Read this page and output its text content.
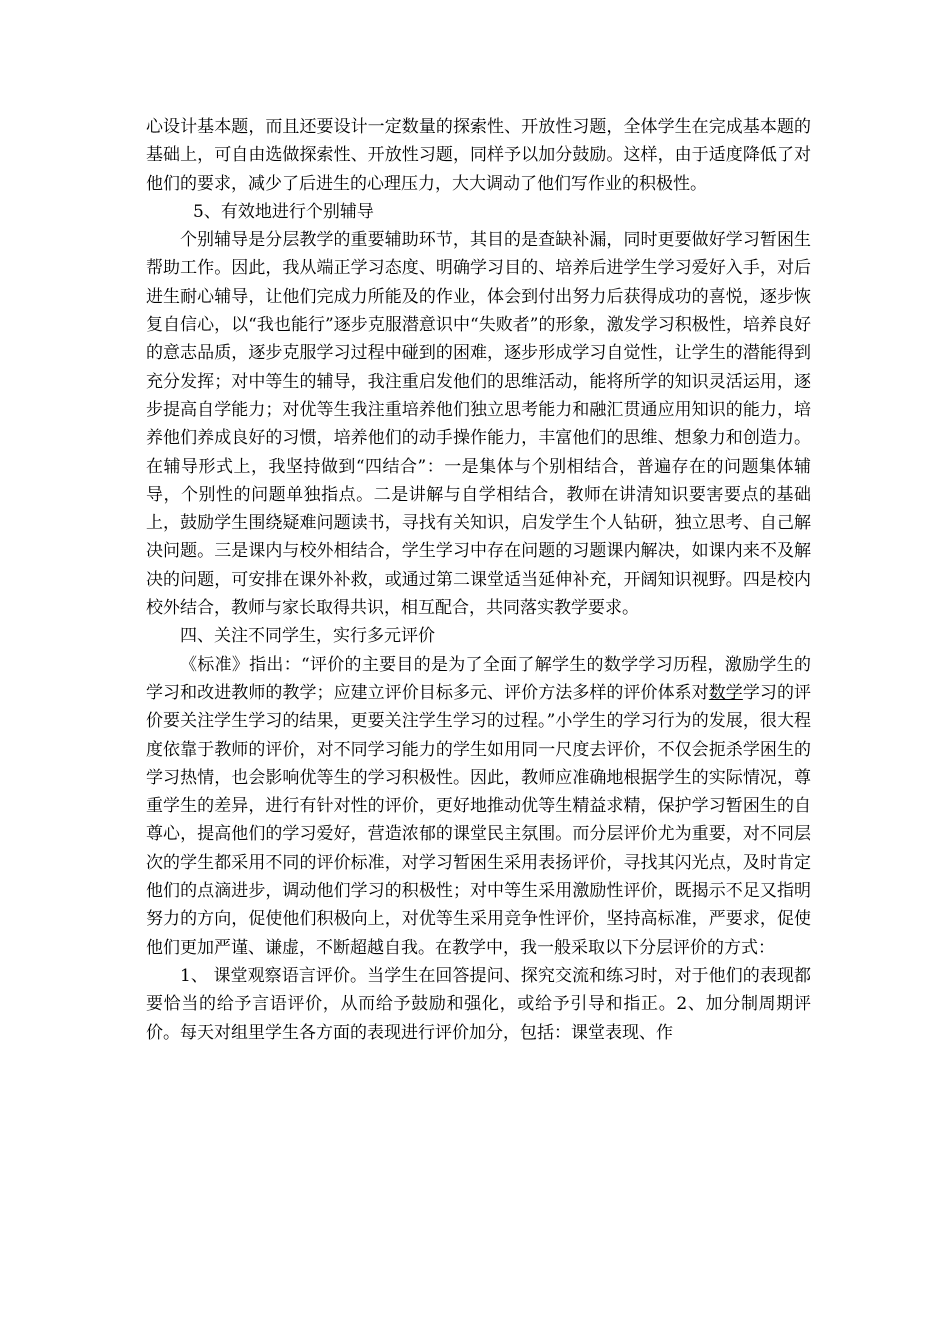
心设计基本题，而且还要设计一定数量的探索性、开放性习题，全体学生在完成基本题的基础上，可自由选做探索性、开放性习题，同样予以加分鼓励。这样，由于适度降低了对他们的要求，减少了后进生的心理压力，大大调动了他们写作业的积极性。

5、有效地进行个别辅导

个别辅导是分层教学的重要辅助环节，其目的是查缺补漏，同时更要做好学习暂困生帮助工作。因此，我从端正学习态度、明确学习目的、培养后进学生学习爱好入手，对后进生耐心辅导，让他们完成力所能及的作业，体会到付出努力后获得成功的喜悦，逐步恢复自信心，以“我也能行”逐步克服潜意识中“失败者”的形象，激发学习积极性，培养良好的意志品质，逐步克服学习过程中碰到的困难，逐步形成学习自觉性，让学生的潜能得到充分发挥；对中等生的辅导，我注重启发他们的思维活动，能将所学的知识灵活运用，逐步提高自学能力；对优等生我注重培养他们独立思考能力和融汇贯通应用知识的能力，培养他们养成良好的习惯，培养他们的动手操作能力，丰富他们的思维、想象力和创造力。在辅导形式上，我坚持做到“四结合”：一是集体与个别相结合，普遍存在的问题集体辅导，个别性的问题单独指点。二是讲解与自学相结合，教师在讲清知识要害要点的基础上，鼓励学生围绕疑难问题读书，寻找有关知识，启发学生个人钻研，独立思考、自己解决问题。三是课内与校外相结合，学生学习中存在问题的习题课内解决，如课内来不及解决的问题，可安排在课外补救，或通过第二课堂适当延伸补充，开阔知识视野。四是校内校外结合，教师与家长取得共识，相互配合，共同落实教学要求。

四、关注不同学生，实行多元评价

《标准》指出：“评价的主要目的是为了全面了解学生的数学学习历程，激励学生的学习和改进教师的教学；应建立评价目标多元、评价方法多样的评价体系对数学学习的评价要关注学生学习的结果，更要关注学生学习的过程。”小学生的学习行为的发展，很大程度依靠于教师的评价，对不同学习能力的学生如用同一尺度去评价，不仅会扼杀学困生的学习热情，也会影响优等生的学习积极性。因此，教师应准确地根据学生的实际情况，尊重学生的差异，进行有针对性的评价，更好地推动优等生精益求精，保护学习暂困生的自尊心，提高他们的学习爱好，营造浓郁的课堂民主氛围。而分层评价尤为重要，对不同层次的学生都采用不同的评价标准，对学习暂困生采用表扬评价，寻找其闪光点，及时肯定他们的点滴进步，调动他们学习的积极性；对中等生采用激励性评价，既揭示不足又指明努力的方向，促使他们积极向上，对优等生采用竞争性评价，坚持高标准，严要求，促使他们更加严谨、谦虚，不断超越自我。在教学中，我一般采取以下分层评价的方式：

1、 课堂观察语言评价。当学生在回答提问、探究交流和练习时，对于他们的表现都要恰当的给予言语评价，从而给予鼓励和强化，或给予引导和指正。2、加分制周期评价。每天对组里学生各方面的表现进行评价加分，包括：课堂表现、作
